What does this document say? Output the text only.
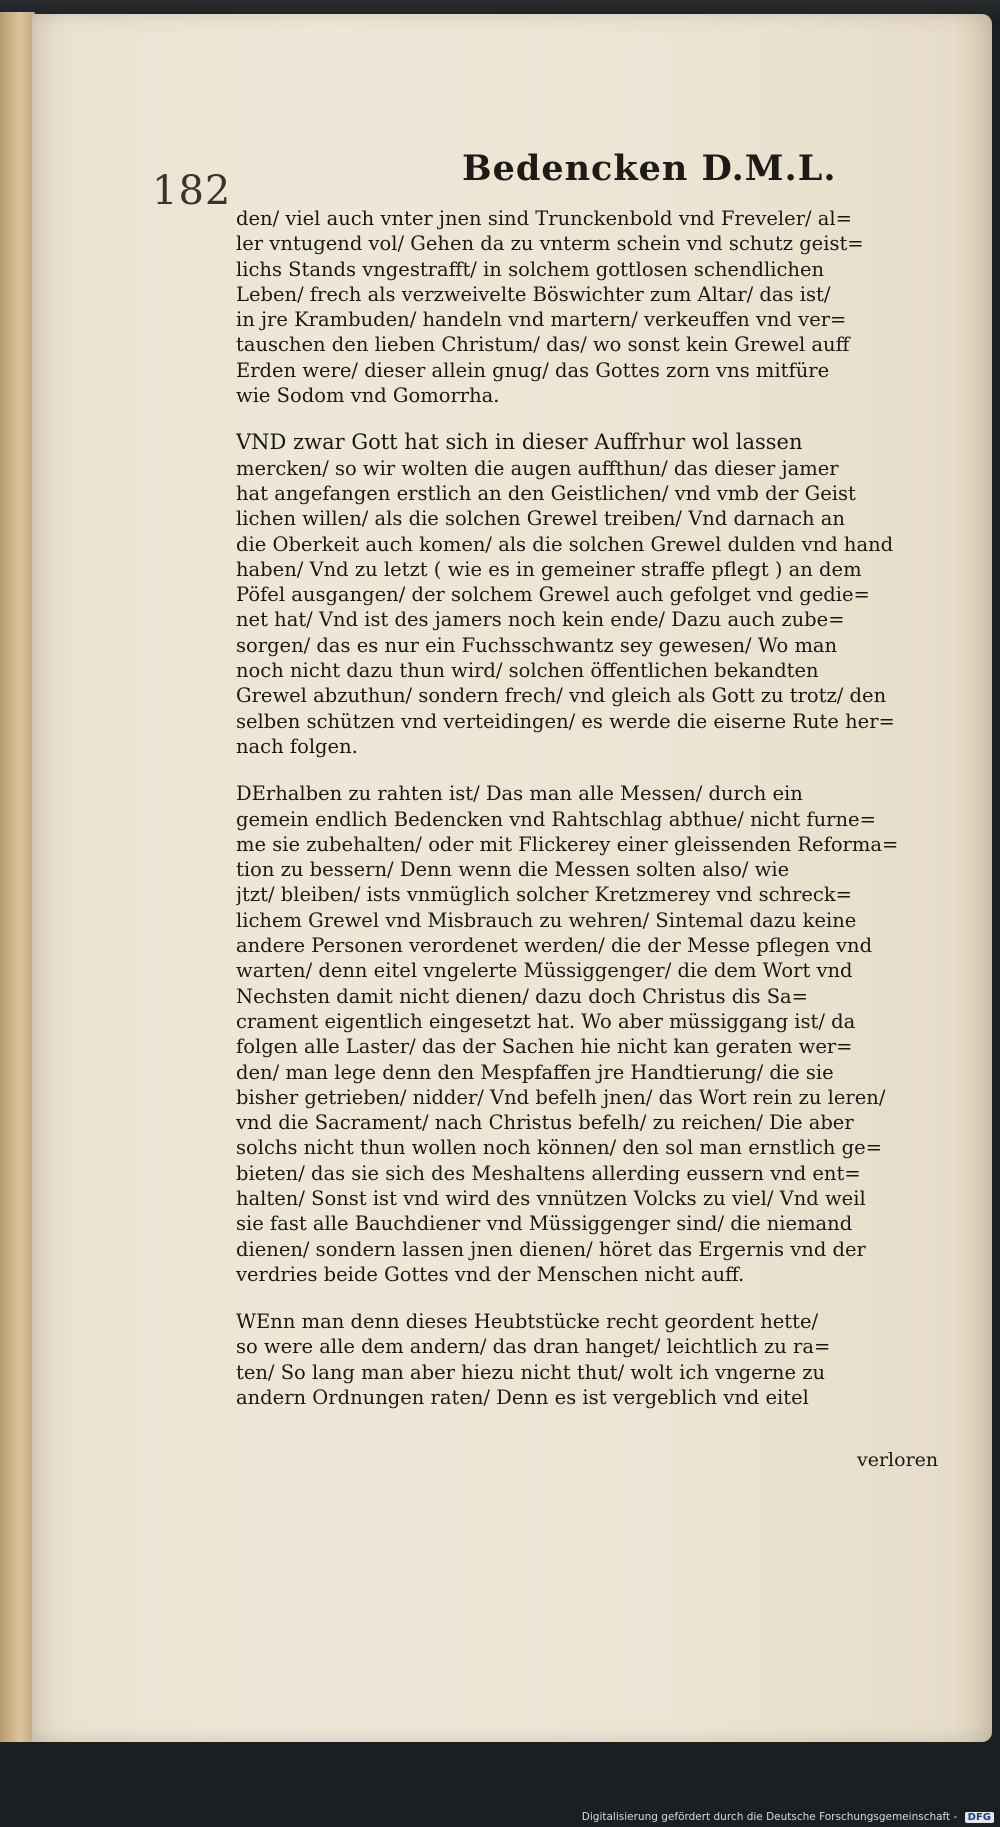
182	Bedencken D.M.L.
den/ viel auch vnter jnen sind Trunckenbold vnd Freveler/ al=
ler vntugend vol/ Gehen da zu vnterm schein vnd schutz geist=
lichs Stands vngestrafft/ in solchem gottlosen schendlichen
Leben/ frech als verzweivelte Böswichter zum Altar/ das ist/
in jre Krambuden/ handeln vnd martern/ verkeuffen vnd ver=
tauschen den lieben Christum/ das/ wo sonst kein Grewel auff
Erden were/ dieser allein gnug/ das Gottes zorn vns mitfüre
wie Sodom vnd Gomorrha.
VND zwar Gott hat sich in dieser Auffrhur wol lassen
mercken/ so wir wolten die augen auffthun/ das dieser jamer
hat angefangen erstlich an den Geistlichen/ vnd vmb der Geist
lichen willen/ als die solchen Grewel treiben/ Vnd darnach an
die Oberkeit auch komen/ als die solchen Grewel dulden vnd hand
haben/ Vnd zu letzt ( wie es in gemeiner straffe pflegt ) an dem
Pöfel ausgangen/ der solchem Grewel auch gefolget vnd gedie=
net hat/ Vnd ist des jamers noch kein ende/ Dazu auch zube=
sorgen/ das es nur ein Fuchsschwantz sey gewesen/ Wo man
noch nicht dazu thun wird/ solchen öffentlichen bekandten
Grewel abzuthun/ sondern frech/ vnd gleich als Gott zu trotz/ den
selben schützen vnd verteidingen/ es werde die eiserne Rute her=
nach folgen.
DErhalben zu rahten ist/ Das man alle Messen/ durch ein
gemein endlich Bedencken vnd Rahtschlag abthue/ nicht furne=
me sie zubehalten/ oder mit Flickerey einer gleissenden Reforma=
tion zu bessern/ Denn wenn die Messen solten also/ wie
jtzt/ bleiben/ ists vnmüglich solcher Kretzmerey vnd schreck=
lichem Grewel vnd Misbrauch zu wehren/ Sintemal dazu keine
andere Personen verordenet werden/ die der Messe pflegen vnd
warten/ denn eitel vngelerte Müssiggenger/ die dem Wort vnd
Nechsten damit nicht dienen/ dazu doch Christus dis Sa=
crament eigentlich eingesetzt hat. Wo aber müssiggang ist/ da
folgen alle Laster/ das der Sachen hie nicht kan geraten wer=
den/ man lege denn den Mespfaffen jre Handtierung/ die sie
bisher getrieben/ nidder/ Vnd befelh jnen/ das Wort rein zu leren/
vnd die Sacrament/ nach Christus befelh/ zu reichen/ Die aber
solchs nicht thun wollen noch können/ den sol man ernstlich ge=
bieten/ das sie sich des Meshaltens allerding eussern vnd ent=
halten/ Sonst ist vnd wird des vnnützen Volcks zu viel/ Vnd weil
sie fast alle Bauchdiener vnd Müssiggenger sind/ die niemand
dienen/ sondern lassen jnen dienen/ höret das Ergernis vnd der
verdries beide Gottes vnd der Menschen nicht auff.
WEnn man denn dieses Heubtstücke recht geordent hette/
so were alle dem andern/ das dran hanget/ leichtlich zu ra=
ten/ So lang man aber hiezu nicht thut/ wolt ich vngerne zu
andern Ordnungen raten/ Denn es ist vergeblich vnd eitel
verloren
Digitalisierung gefördert durch die Deutsche Forschungsgemeinschaft - DFG
